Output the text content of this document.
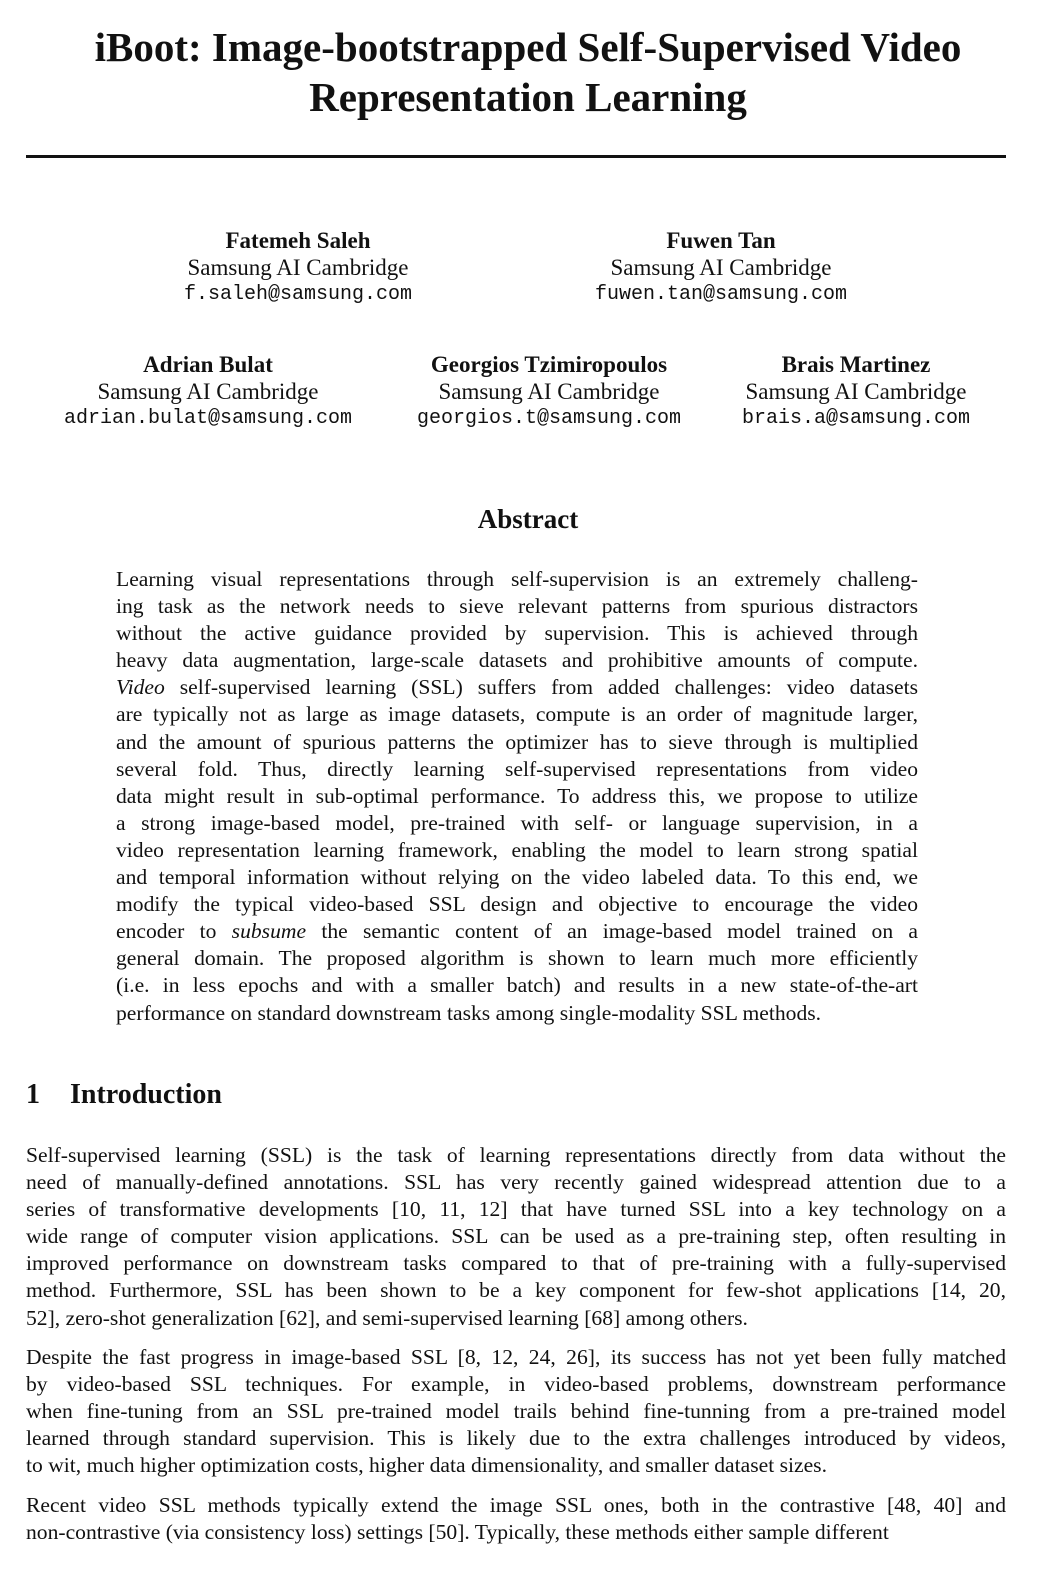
iBoot: Image-bootstrapped Self-Supervised Video
Representation Learning
Fatemeh Saleh
Samsung AI Cambridge
f.saleh@samsung.com
Fuwen Tan
Samsung AI Cambridge
fuwen.tan@samsung.com
Adrian Bulat
Samsung AI Cambridge
adrian.bulat@samsung.com
Georgios Tzimiropoulos
Samsung AI Cambridge
georgios.t@samsung.com
Brais Martinez
Samsung AI Cambridge
brais.a@samsung.com
Abstract
Learning visual representations through self-supervision is an extremely challeng-
ing task as the network needs to sieve relevant patterns from spurious distractors
without the active guidance provided by supervision. This is achieved through
heavy data augmentation, large-scale datasets and prohibitive amounts of compute.
Video self-supervised learning (SSL) suffers from added challenges: video datasets
are typically not as large as image datasets, compute is an order of magnitude larger,
and the amount of spurious patterns the optimizer has to sieve through is multiplied
several fold. Thus, directly learning self-supervised representations from video
data might result in sub-optimal performance. To address this, we propose to utilize
a strong image-based model, pre-trained with self- or language supervision, in a
video representation learning framework, enabling the model to learn strong spatial
and temporal information without relying on the video labeled data. To this end, we
modify the typical video-based SSL design and objective to encourage the video
encoder to subsume the semantic content of an image-based model trained on a
general domain. The proposed algorithm is shown to learn much more efficiently
(i.e. in less epochs and with a smaller batch) and results in a new state-of-the-art
performance on standard downstream tasks among single-modality SSL methods.
1 Introduction
Self-supervised learning (SSL) is the task of learning representations directly from data without the
need of manually-defined annotations. SSL has very recently gained widespread attention due to a
series of transformative developments [10, 11, 12] that have turned SSL into a key technology on a
wide range of computer vision applications. SSL can be used as a pre-training step, often resulting in
improved performance on downstream tasks compared to that of pre-training with a fully-supervised
method. Furthermore, SSL has been shown to be a key component for few-shot applications [14, 20,
52], zero-shot generalization [62], and semi-supervised learning [68] among others.
Despite the fast progress in image-based SSL [8, 12, 24, 26], its success has not yet been fully matched
by video-based SSL techniques. For example, in video-based problems, downstream performance
when fine-tuning from an SSL pre-trained model trails behind fine-tunning from a pre-trained model
learned through standard supervision. This is likely due to the extra challenges introduced by videos,
to wit, much higher optimization costs, higher data dimensionality, and smaller dataset sizes.
Recent video SSL methods typically extend the image SSL ones, both in the contrastive [48, 40] and
non-contrastive (via consistency loss) settings [50]. Typically, these methods either sample different
